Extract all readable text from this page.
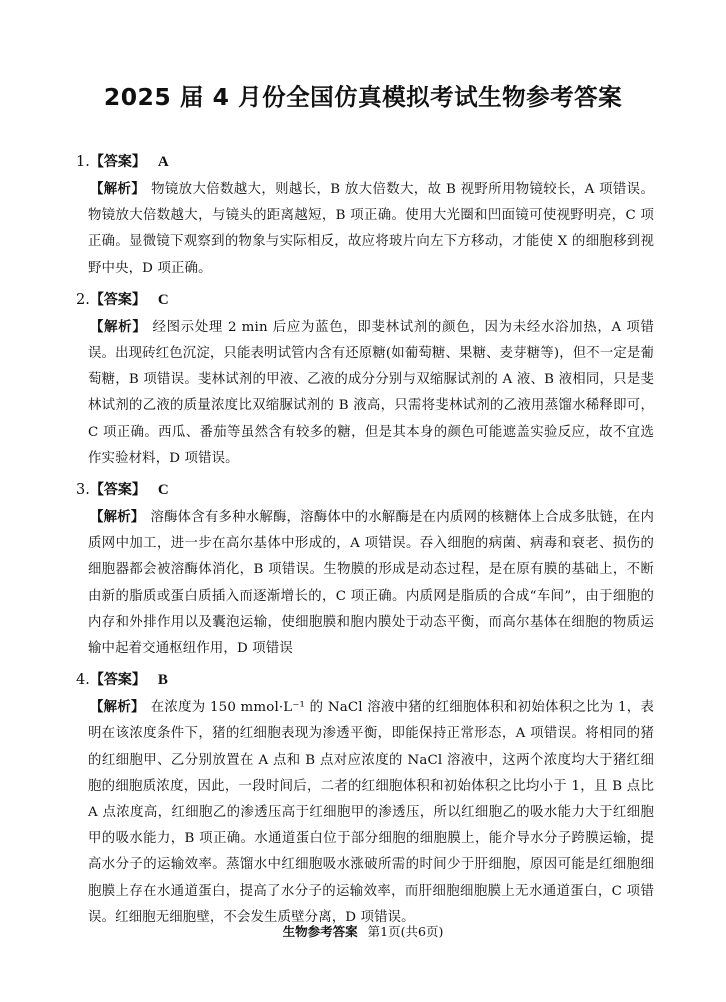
2025 届 4 月份全国仿真模拟考试生物参考答案
1.【答案】 A
【解析】 物镜放大倍数越大，则越长，B 放大倍数大，故 B 视野所用物镜较长，A 项错误。物镜放大倍数越大，与镜头的距离越短，B 项正确。使用大光圈和凹面镜可使视野明亮，C 项正确。显微镜下观察到的物象与实际相反，故应将玻片向左下方移动，才能使 X 的细胞移到视野中央，D 项正确。
2.【答案】 C
【解析】 经图示处理 2 min 后应为蓝色，即斐林试剂的颜色，因为未经水浴加热，A 项错误。出现砖红色沉淀，只能表明试管内含有还原糖(如葡萄糖、果糖、麦芽糖等)，但不一定是葡萄糖，B 项错误。斐林试剂的甲液、乙液的成分分别与双缩脲试剂的 A 液、B 液相同，只是斐林试剂的乙液的质量浓度比双缩脲试剂的 B 液高，只需将斐林试剂的乙液用蒸馏水稀释即可，C 项正确。西瓜、番茄等虽然含有较多的糖，但是其本身的颜色可能遮盖实验反应，故不宜选作实验材料，D 项错误。
3.【答案】 C
【解析】 溶酶体含有多种水解酶，溶酶体中的水解酶是在内质网的核糖体上合成多肽链，在内质网中加工，进一步在高尔基体中形成的，A 项错误。吞入细胞的病菌、病毒和衰老、损伤的细胞器都会被溶酶体消化，B 项错误。生物膜的形成是动态过程，是在原有膜的基础上，不断由新的脂质或蛋白质插入而逐渐增长的，C 项正确。内质网是脂质的合成“车间”，由于细胞的内存和外排作用以及囊泡运输，使细胞膜和胞内膜处于动态平衡，而高尔基体在细胞的物质运输中起着交通枢纽作用，D 项错误
4.【答案】 B
【解析】 在浓度为 150 mmol·L⁻¹ 的 NaCl 溶液中猪的红细胞体积和初始体积之比为 1，表明在该浓度条件下，猪的红细胞表现为渗透平衡，即能保持正常形态，A 项错误。将相同的猪的红细胞甲、乙分别放置在 A 点和 B 点对应浓度的 NaCl 溶液中，这两个浓度均大于猪红细胞的细胞质浓度，因此，一段时间后，二者的红细胞体积和初始体积之比均小于 1，且 B 点比 A 点浓度高，红细胞乙的渗透压高于红细胞甲的渗透压，所以红细胞乙的吸水能力大于红细胞甲的吸水能力，B 项正确。水通道蛋白位于部分细胞的细胞膜上，能介导水分子跨膜运输，提高水分子的运输效率。蒸馏水中红细胞吸水涨破所需的时间少于肝细胞，原因可能是红细胞细胞膜上存在水通道蛋白，提高了水分子的运输效率，而肝细胞细胞膜上无水通道蛋白，C 项错误。红细胞无细胞壁，不会发生质壁分离，D 项错误。
生物参考答案 第1页(共6页)
